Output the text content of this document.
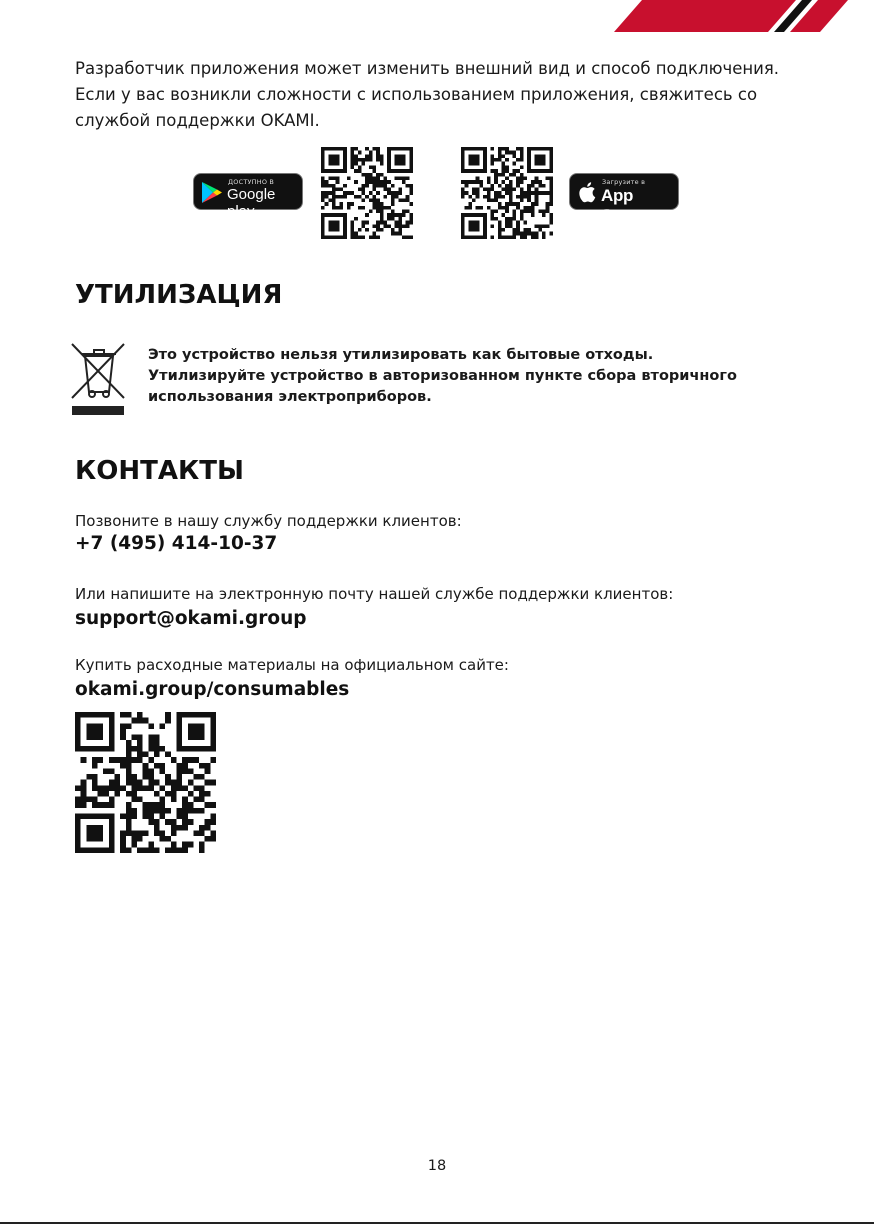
Разработчик приложения может изменить внешний вид и способ подключения.

Если у вас возникли сложности с использованием приложения, свяжитесь со

службой поддержки OKAMI.

ДОСТУПНО В
Google play
Загрузите в
App Store
УТИЛИЗАЦИЯ

Это устройство нельзя утилизировать как бытовые отходы.

Утилизируйте устройство в авторизованном пункте сбора вторичного

использования электроприборов.

КОНТАКТЫ

Позвоните в нашу службу поддержки клиентов:

+7 (495) 414-10-37

Или напишите на электронную почту нашей службе поддержки клиентов:

support@okami.group

Купить расходные материалы на официальном сайте:

okami.group/consumables

18
